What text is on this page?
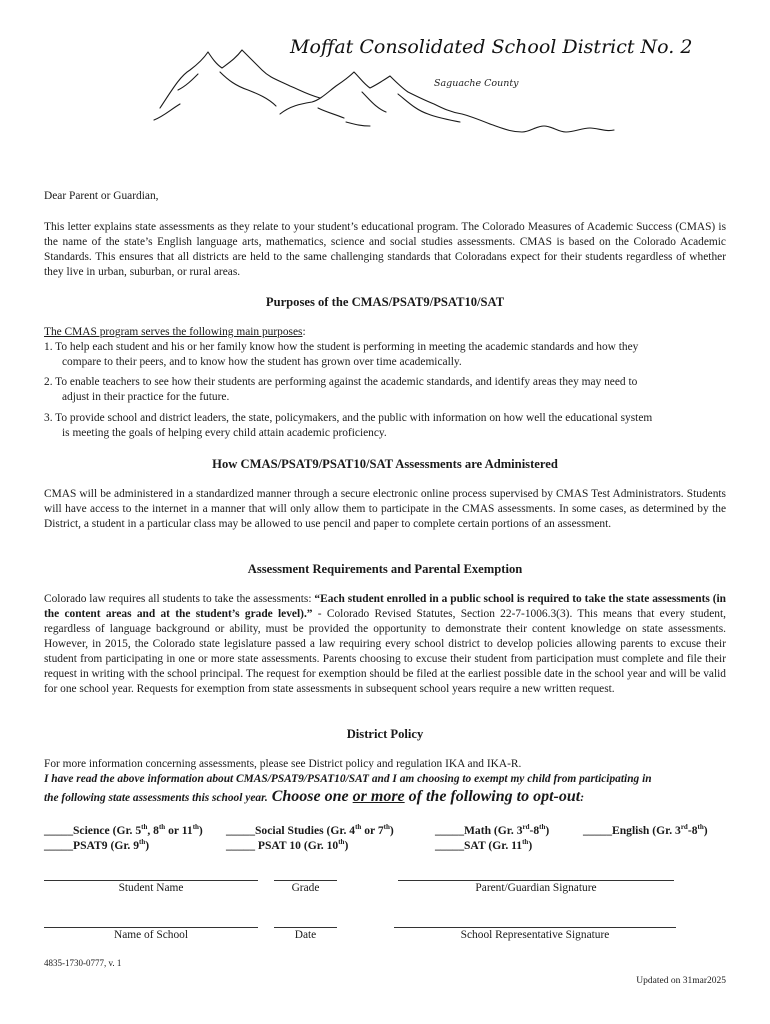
Moffat Consolidated School District No. 2
Saguache County

Dear Parent or Guardian,

This letter explains state assessments as they relate to your student’s educational program. The Colorado Measures of Academic Success (CMAS) is the name of the state’s English language arts, mathematics, science and social studies assessments. CMAS is based on the Colorado Academic Standards. This ensures that all districts are held to the same challenging standards that Coloradans expect for their students regardless of whether they live in urban, suburban, or rural areas.

Purposes of the CMAS/PSAT9/PSAT10/SAT

The CMAS program serves the following main purposes:

1. To help each student and his or her family know how the student is performing in meeting the academic standards and how they
compare to their peers, and to know how the student has grown over time academically.
2. To enable teachers to see how their students are performing against the academic standards, and identify areas they may need to
adjust in their practice for the future.
3. To provide school and district leaders, the state, policymakers, and the public with information on how well the educational system
is meeting the goals of helping every child attain academic proficiency.

How CMAS/PSAT9/PSAT10/SAT Assessments are Administered

CMAS will be administered in a standardized manner through a secure electronic online process supervised by CMAS Test Administrators. Students will have access to the internet in a manner that will only allow them to participate in the CMAS assessments. In some cases, as determined by the District, a student in a particular class may be allowed to use pencil and paper to complete certain portions of an assessment.

Assessment Requirements and Parental Exemption

Colorado law requires all students to take the assessments: “Each student enrolled in a public school is required to take the state assessments (in the content areas and at the student’s grade level).” - Colorado Revised Statutes, Section 22-7-1006.3(3). This means that every student, regardless of language background or ability, must be provided the opportunity to demonstrate their content knowledge on state assessments. However, in 2015, the Colorado state legislature passed a law requiring every school district to develop policies allowing parents to excuse their student from participating in one or more state assessments. Parents choosing to excuse their student from participation must complete and file their request in writing with the school principal. The request for exemption should be filed at the earliest possible date in the school year and will be valid for one school year. Requests for exemption from state assessments in subsequent school years require a new written request.

District Policy

For more information concerning assessments, please see District policy and regulation IKA and IKA-R.

I have read the above information about CMAS/PSAT9/PSAT10/SAT and I am choosing to exempt my child from participating in

the following state assessments this school year. Choose one or more of the following to opt-out:

_____Science (Gr. 5th, 8th or 11th) _____Social Studies (Gr. 4th or 7th)	_____Math (Gr. 3rd-8th)	_____English (Gr. 3rd-8th)
_____PSAT9 (Gr. 9th)	_____ PSAT 10 (Gr. 10th)	_____SAT (Gr. 11th)
Student Name	Grade	Parent/Guardian Signature
Name of School	Date	School Representative Signature
4835-1730-0777, v. 1
Updated on 31mar2025
